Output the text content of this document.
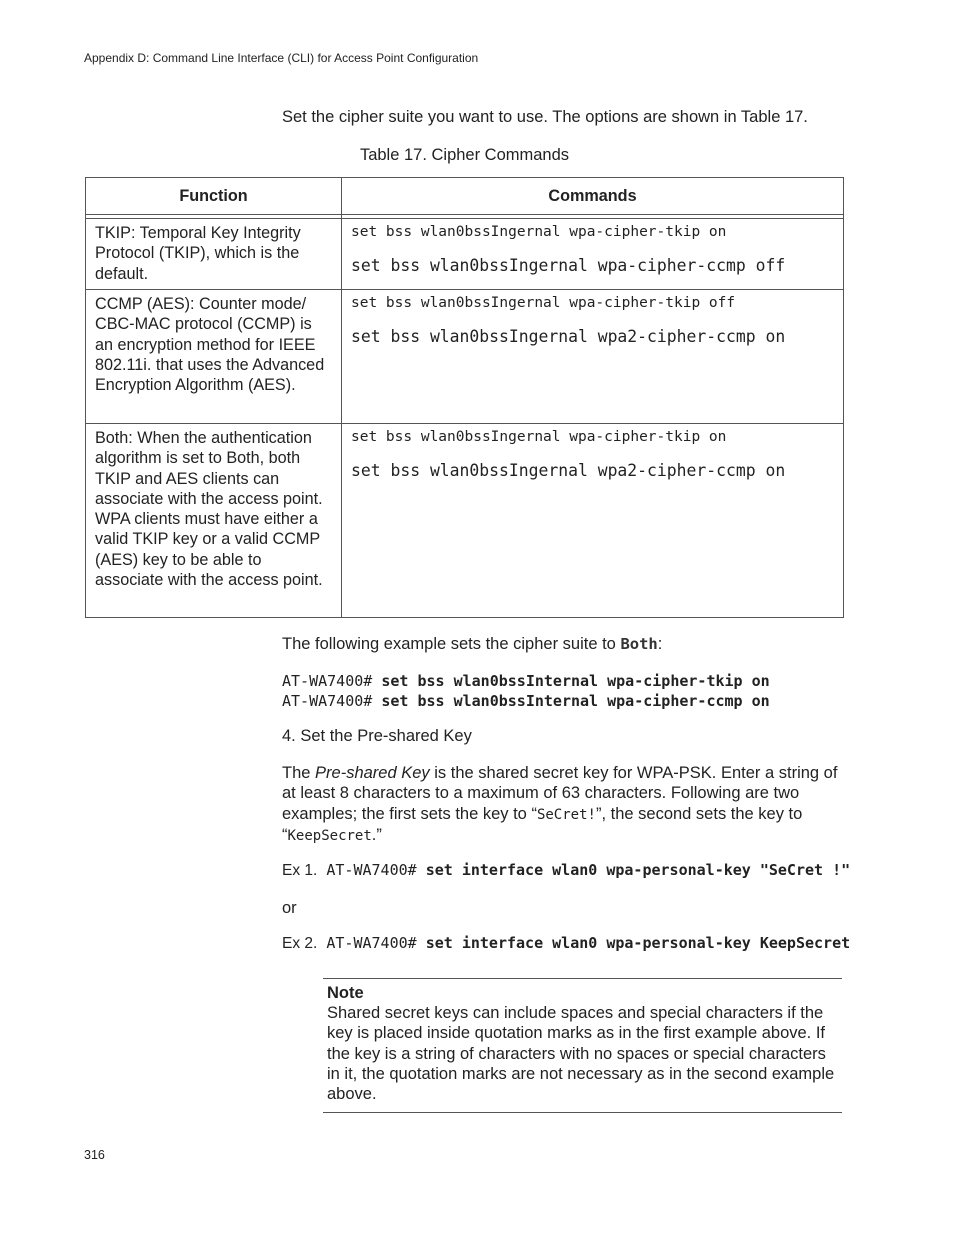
Appendix D: Command Line Interface (CLI) for Access Point Configuration
Set the cipher suite you want to use. The options are shown in Table 17.
Table 17. Cipher Commands
Function	Commands

TKIP: Temporal Key Integrity Protocol (TKIP), which is the default.	set bss wlan0bssIngernal wpa-cipher-tkip on
set bss wlan0bssIngernal wpa-cipher-ccmp off

CCMP (AES): Counter mode/ CBC-MAC protocol (CCMP) is an encryption method for IEEE 802.11i. that uses the Advanced Encryption Algorithm (AES).	set bss wlan0bssIngernal wpa-cipher-tkip off
set bss wlan0bssIngernal wpa2-cipher-ccmp on

Both: When the authentication algorithm is set to Both, both TKIP and AES clients can associate with the access point. WPA clients must have either a valid TKIP key or a valid CCMP (AES) key to be able to associate with the access point.	set bss wlan0bssIngernal wpa-cipher-tkip on
set bss wlan0bssIngernal wpa2-cipher-ccmp on
The following example sets the cipher suite to Both:
AT-WA7400# set bss wlan0bssInternal wpa-cipher-tkip on
AT-WA7400# set bss wlan0bssInternal wpa-cipher-ccmp on
4. Set the Pre-shared Key
The Pre-shared Key is the shared secret key for WPA-PSK. Enter a string of at least 8 characters to a maximum of 63 characters. Following are two examples; the first sets the key to “SeCret!”, the second sets the key to “KeepSecret.”
Ex 1. AT-WA7400# set interface wlan0 wpa-personal-key "SeCret !"
or
Ex 2. AT-WA7400# set interface wlan0 wpa-personal-key KeepSecret
Note
Shared secret keys can include spaces and special characters if the key is placed inside quotation marks as in the first example above. If the key is a string of characters with no spaces or special characters in it, the quotation marks are not necessary as in the second example above.
316
